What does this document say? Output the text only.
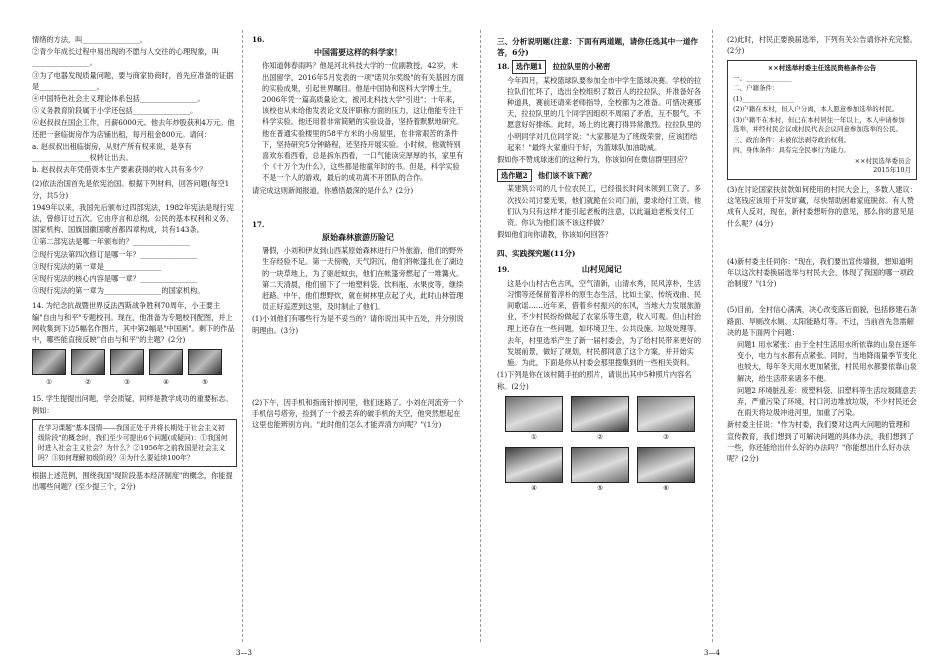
情绪的方法，叫________________。

②青少年成长过程中易出现的不愿与人交往的心理现象，叫________________。

③为了电器发现质量问题，要与商家协商时，首先应准备的证据是________________。

④中国特色社会主义理论体系包括________________。

⑤义务教育阶段属于小学还包括________________。

⑥赵叔叔在国企工作，月薪6000元。他去年炒股获利4万元。他还把一套临街房作为店铺出租，每月租金800元。请问：

a. 赵叔叔出租临街房，从财产所有权来说，是享有________________权转让出去。

b. 赵叔叔去年凭借资本生产要素获得的收入共有多少？

(2)依法治国首先是依宪治国。根据下列材料，回答问题(每空1分，共5分)

1949年以来，我国先后颁布过四部宪法，1982年宪法是现行宪法，曾修订过五次。它由序言和总纲、公民的基本权利和义务、国家机构、国旗国徽国歌首都四章构成，共有143条。

①第二部宪法是哪一年颁布的？________________

②现行宪法第四次修订是哪一年？________________

③现行宪法的第一章是________________

④现行宪法的核心内容是哪一章？________________

⑤现行宪法的第一章为________________的国家机构。

14. 为纪念抗战暨世界反法西斯战争胜利70周年，小王要主编"自由与和平"专题校刊。现在，他准备为专题校刊配图，并上网收集到下边5幅名作图片，其中第2幅是"中国画"。剩下的作品中，哪些能直接反映"自由与和平"的主题？(2分)

①	②	③	④	⑤

15. 学生提提出问题，学会质疑，同样是教学成功的重要标志。例如：

在学习课题"基本国情——我国正处于并将长期处于社会主义初级阶段"的概念时，我们至少可提出6个问题(或疑问)：①我国何时进入社会主义社会？为什么？②1956年之前我国是社会主义吗？③如何理解初级阶段？④为什么要延续100年？

根据上述范例，围绕我国"现阶段基本经济制度"的概念，你能提出哪些问题？(至少提三个，2分)

16.

中国需要这样的科学家！

你知道韩春雨吗？他是河北科技大学的一位副教授，42岁，未出国留学。2016年5月发表的一项"诺贝尔奖级"的有关基因方面的实验成果，引起世界瞩目。他是中国协和医科大学博士生，2006年凭一篇高质量论文，被河北科技大学"引进"；十年来，该校也从未给他发表论文及评职称方面的压力，这让他能专注于科学实验。他还用着非常简陋的实验设备，坚持着默默地研究。他在普通实验楼里的58平方米的小房屋里，在非常艰苦的条件下，坚持研究5分钟路程，还坚持开展实验。小时候，他就特别喜欢东看西看，总是拆东西看，一口气能读完厚厚的书，家里有个《十万个为什么》，这些都是他童年时的书。但是，科学实验不是一个人的游戏，最后的成功离不开团队的合作。

请完成这则新闻报道，你感悟最深的是什么？(2分)

17.

原始森林旅游历险记

暑假，小刘和伊友到山西某原始森林进行户外旅游，他们的野外生存经验不足。第一天傍晚，天气阴沉，他们将帐篷扎在了湖边的一块草地上，为了驱赶蚊虫，他们在帐篷旁燃起了一堆篝火。第二天清晨，他们留下了一地塑料袋、饮料瓶、水果皮等，继续赶路。中午，他们想野炊，就在树林里点起了火，此时山林管理员正好巡逻到这里，及时制止了他们。

(1)小刘他们有哪些行为是不妥当的？请你说出其中五处，并分别说明理由。(3分)

(2)下午，因手机和指南针掉河里，他们迷路了。小刘在河流旁一个手机信号塔旁，捡到了一个被丢弃的破手机的天空，他突然想起在这里也能辨别方向。"此时他们怎么才能弄清方向呢？"(1分)

三、分析说明题(注意：下面有两道题，请你任选其中一道作答，6分)

18. 选作题1 拉拉队里的小秘密

今年四月，某校篮球队要参加全市中学生篮球决赛。学校的拉拉队们忙坏了，选出全校组织了数百人的拉拉队，并准备好各种道具，赛前还请来老师指导，全校都为之准备。可惜决赛那天，拉拉队里的几个同学因组织不周闹了矛盾，互不服气，不愿意好好排练。此时，场上的比赛打得异常激烈。拉拉队里的小明同学对几位同学说："大家都是为了班级荣誉，应该团结起来！"最终大家重归于好，为篮球队加油助威。

假如你不赞成球迷们的这种行为，你该如何在微信群里回应？

选作题2 他们该不该下跪？

某建筑公司的几十位农民工，已经很长时间未领到工资了。多次找公司讨要无果，他们就跪在公司门前，要求给付工资。他们认为只有这样才能引起老板的注意，以此逼迫老板支付工资。你认为他们该不该这样做？

假如他们向你请教，你该如何回答？

四、实践探究题(11分)

19.	山村见闻记

这是小山村古色古风，空气清新，山清水秀，民风淳朴，生活习惯等还保留着淳朴的原生态生活，比如土家、传统戏曲、民间歌谣……近年来，借着乡村振兴的东风，当地大力发展旅游业，不少村民纷纷做起了农家乐等生意，收入可观。但山村治理上还存在一些问题，如环境卫生、公共设施、垃圾处理等。

去年，村里选举产生了新一届村委会，为了给村民带来更好的发展前景，做好了规划，村民都同意了这个方案，并开始实施。为此，下面是你从村委会那里搜集到的一些相关资料。

(1)下列是你在该村随手拍的照片，请说出其中5种照片内容名称。(2分)

①	②	③
④	⑤	⑥

(2)此时，村民正要换届选举，下列有关公告请你补充完整。(2分)

××村选举村委主任选民资格条件公告

一、______________

二、户籍条件：

(1)________________

(2)户籍在本村，但人户分离，本人愿意参加选举的村民。

(3)户籍不在本村，但已在本村居住一年以上，本人申请参加选举，并经村民会议或村民代表会议同意参加选举的公民。

三、政治条件：未被依法剥夺政治权利。

四、身体条件：具有完全民事行为能力。

××村民选举委员会
2015年10月

(3)在讨论国家扶贫款如何使用的村民大会上，多数人建议：这笔钱应该用于开发旷藏，尽快帮助困难家庭脱贫。有人赞成有人反对，现在，新村委想听你的意见，那么你的意见是什么呢？(4分)

(4)新村委主任同你："现在，我们要出宣传墙报，想知道明年以这次村委换届选举与村民大会，体现了我国的哪一项政治制度？"(1分)

(5)目前，全村信心满满，决心改变落后面貌，包括修建石条路面、旱厕改水厕、太阳能路灯等。不过，当前首先急需解决的是下面两个问题：

问题1 用水紧张：由于全村生活用水所依靠的山泉在逐年变小，电力与水都有点紧张。同时，当地降雨量季节变化也较大，每年冬天用水更加紧张，村民用水都要依靠山泉解决，给生活带来诸多不便。

问题2 环境脏乱差：废塑料袋、旧塑料等生活垃圾随意丢弃，严重污染了环境，村口河边堆放垃圾，不少村民还会在雨天将垃圾冲进河里，加重了污染。

新村委主任说："作为村委，我们要对这两大问题的管理和宣传教育，我们想到了可解决问题的具体办法，我们想到了一些，你还能给出什么好的办法吗？"你能想出什么好办法呢？(2分)

3—3	3—4
